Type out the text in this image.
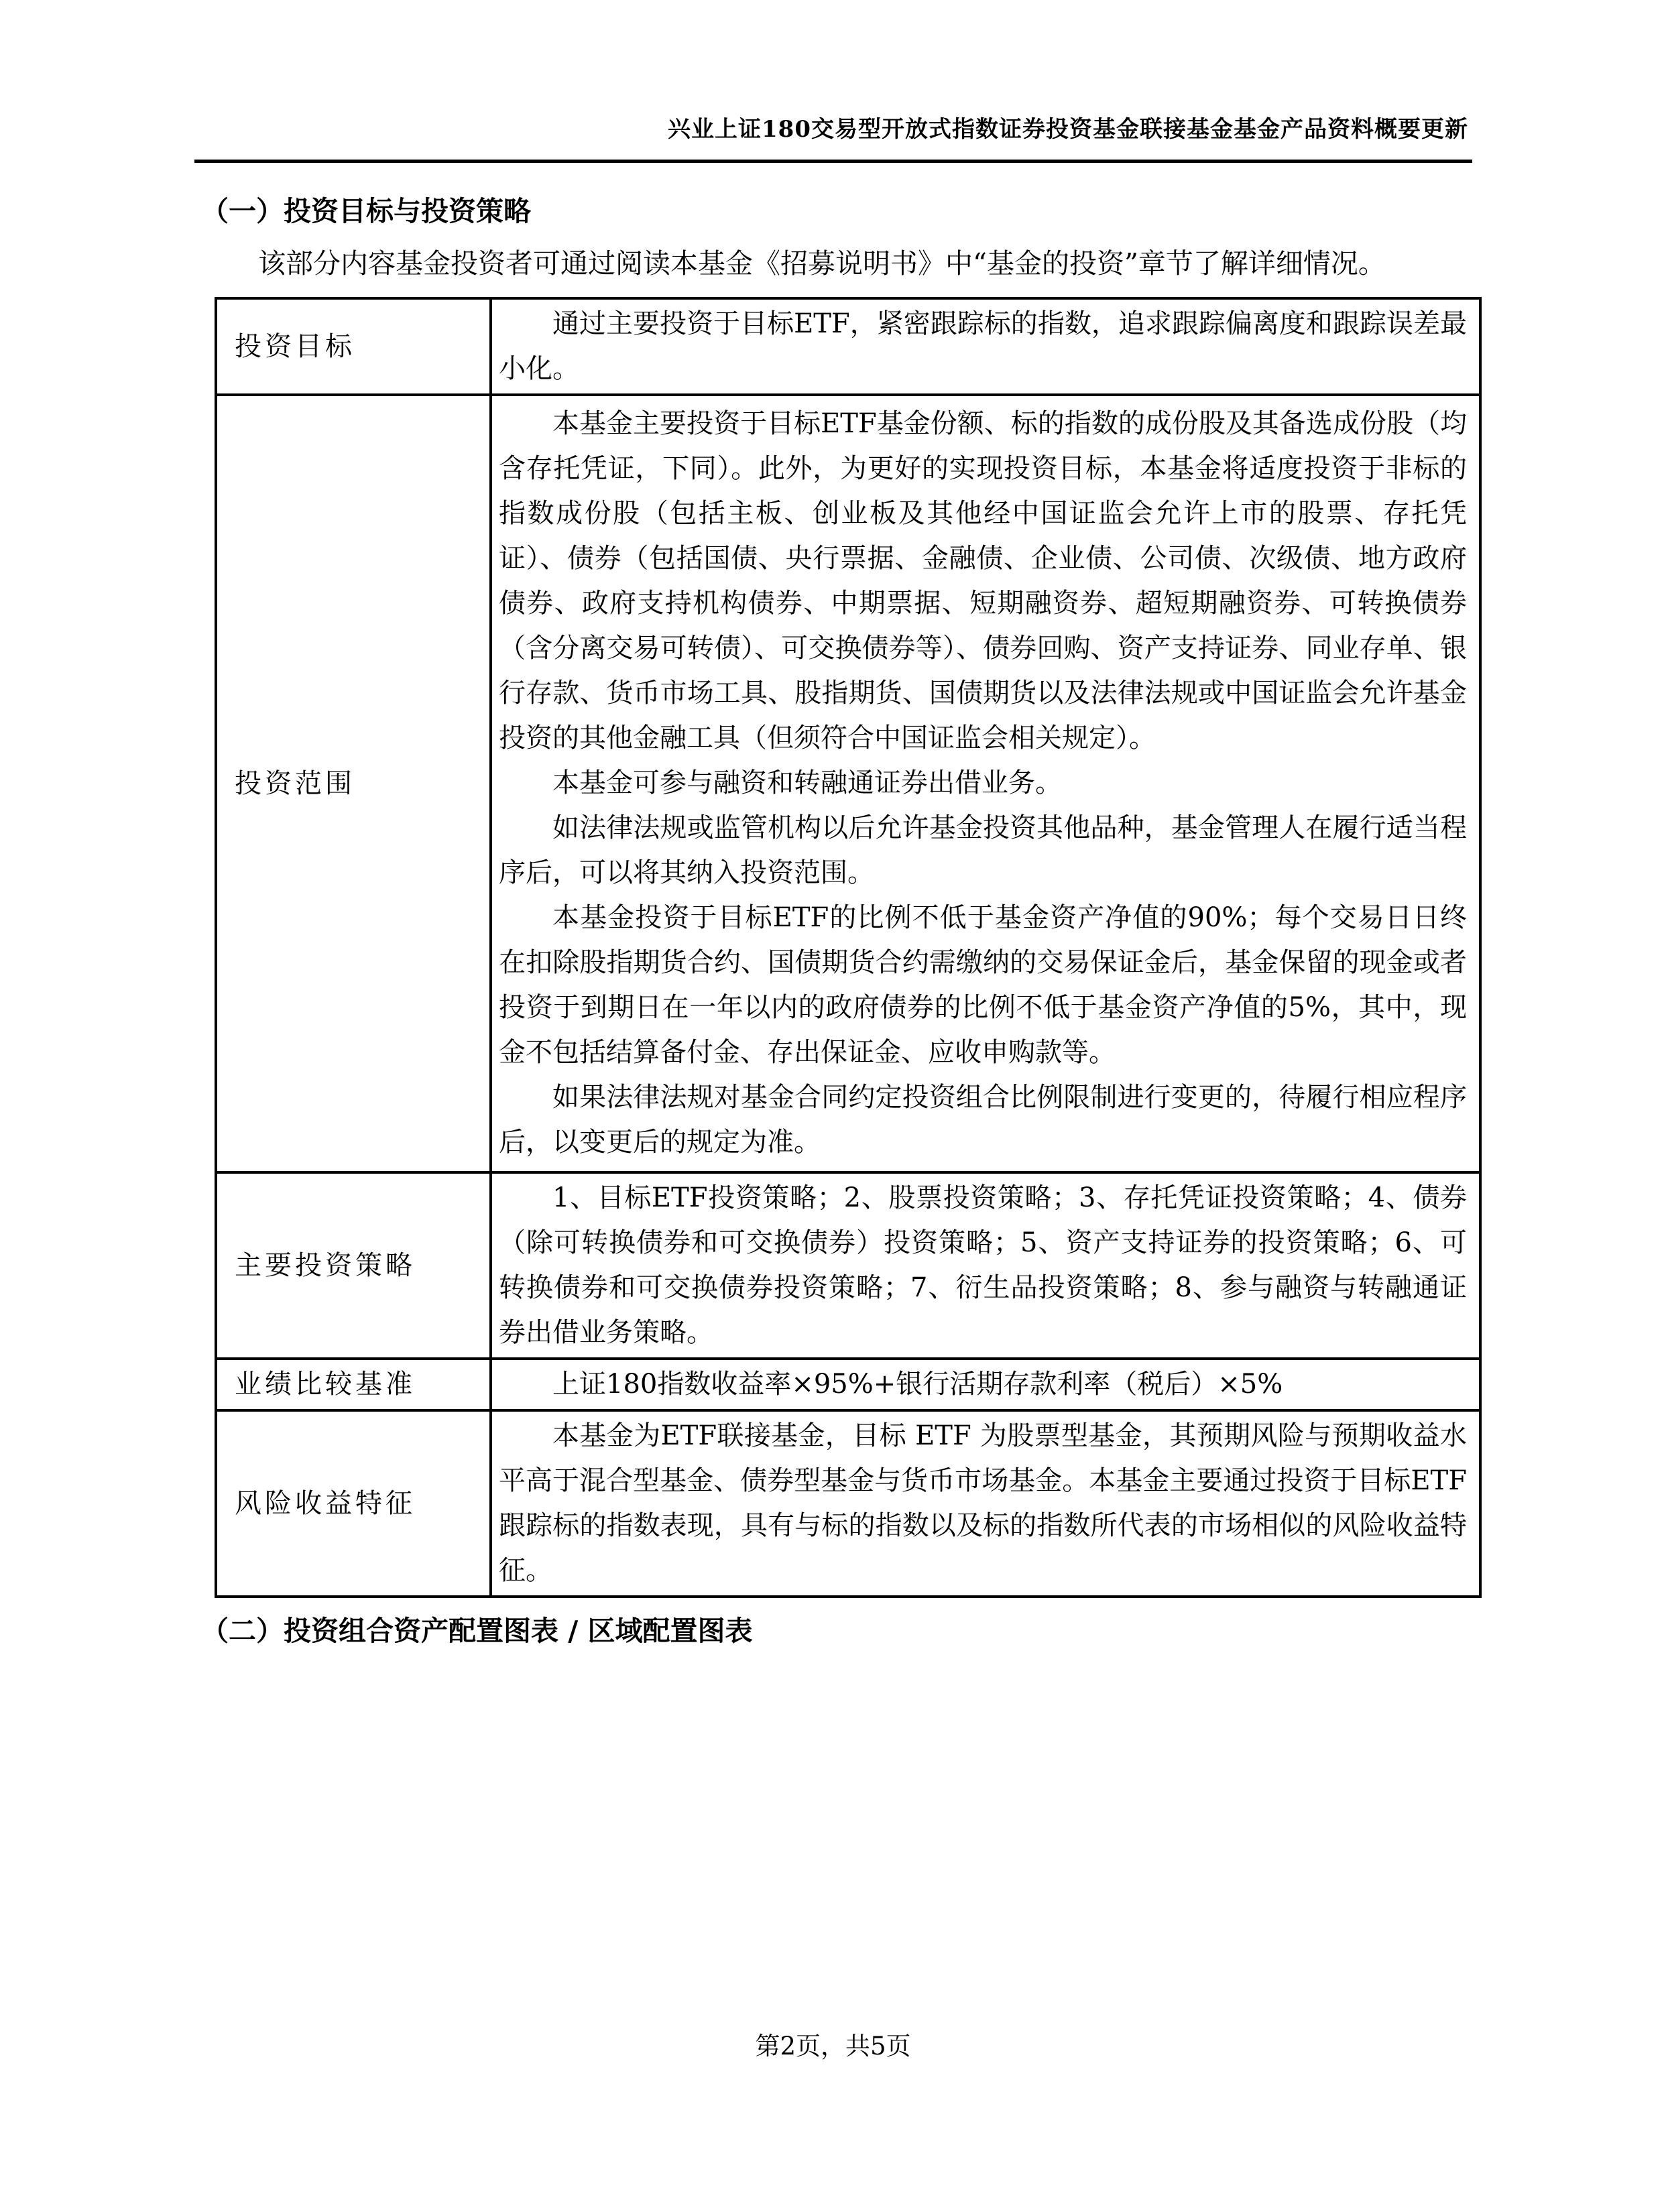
兴业上证180交易型开放式指数证券投资基金联接基金基金产品资料概要更新
（一）投资目标与投资策略

该部分内容基金投资者可通过阅读本基金《招募说明书》中“基金的投资”章节了解详细情况。

投资目标	通过主要投资于目标ETF，紧密跟踪标的指数，追求跟踪偏离度和跟踪误差最小化。

投资范围	本基金主要投资于目标ETF基金份额、标的指数的成份股及其备选成份股（均含存托凭证，下同）。此外，为更好的实现投资目标，本基金将适度投资于非标的指数成份股（包括主板、创业板及其他经中国证监会允许上市的股票、存托凭证）、债券（包括国债、央行票据、金融债、企业债、公司债、次级债、地方政府债券、政府支持机构债券、中期票据、短期融资券、超短期融资券、可转换债券（含分离交易可转债）、可交换债券等）、债券回购、资产支持证券、同业存单、银行存款、货币市场工具、股指期货、国债期货以及法律法规或中国证监会允许基金投资的其他金融工具（但须符合中国证监会相关规定）。

本基金可参与融资和转融通证券出借业务。

如法律法规或监管机构以后允许基金投资其他品种，基金管理人在履行适当程序后，可以将其纳入投资范围。

本基金投资于目标ETF的比例不低于基金资产净值的90%；每个交易日日终在扣除股指期货合约、国债期货合约需缴纳的交易保证金后，基金保留的现金或者投资于到期日在一年以内的政府债券的比例不低于基金资产净值的5%，其中，现金不包括结算备付金、存出保证金、应收申购款等。

如果法律法规对基金合同约定投资组合比例限制进行变更的，待履行相应程序后，以变更后的规定为准。

主要投资策略	1、目标ETF投资策略；2、股票投资策略；3、存托凭证投资策略；4、债券（除可转换债券和可交换债券）投资策略；5、资产支持证券的投资策略；6、可转换债券和可交换债券投资策略；7、衍生品投资策略；8、参与融资与转融通证券出借业务策略。

业绩比较基准	上证180指数收益率×95%+银行活期存款利率（税后）×5%

风险收益特征	本基金为ETF联接基金，目标 ETF 为股票型基金，其预期风险与预期收益水平高于混合型基金、债券型基金与货币市场基金。本基金主要通过投资于目标ETF跟踪标的指数表现，具有与标的指数以及标的指数所代表的市场相似的风险收益特征。

（二）投资组合资产配置图表 / 区域配置图表
第2页，共5页
